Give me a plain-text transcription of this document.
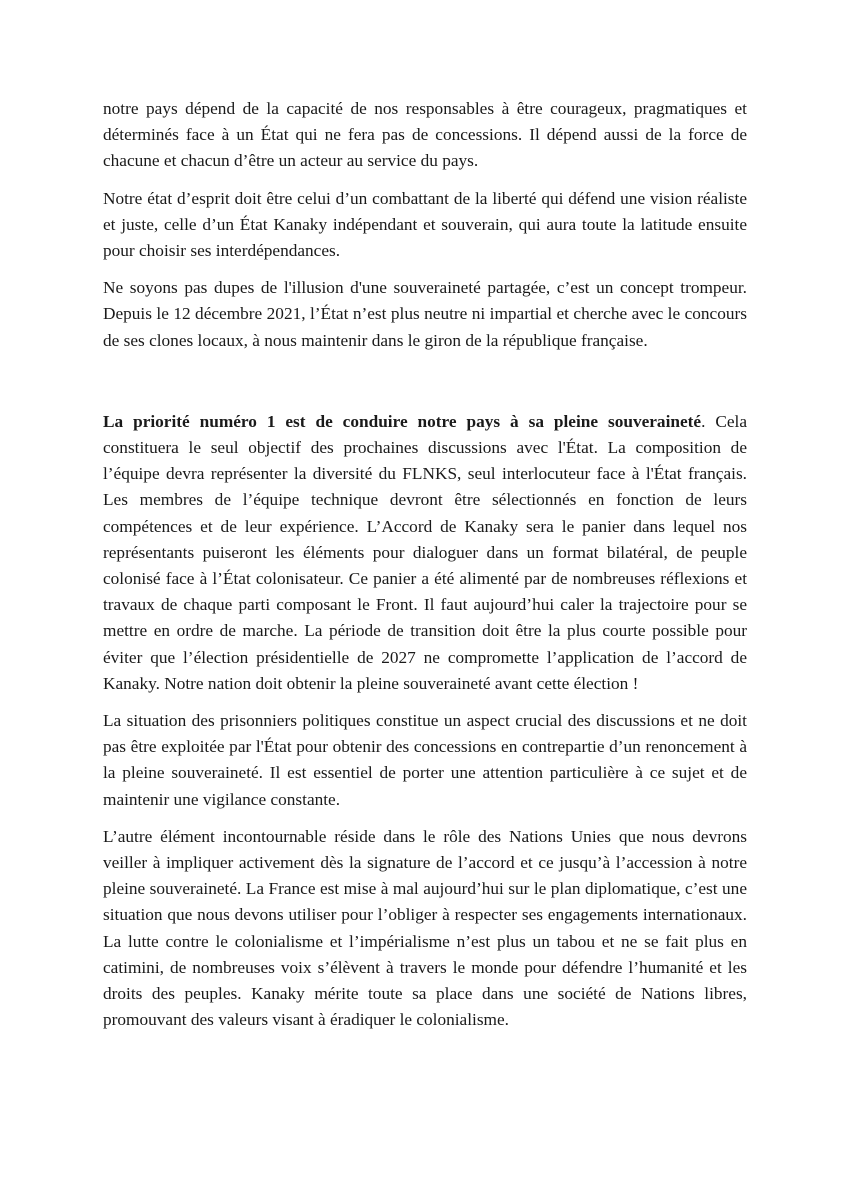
notre pays dépend de la capacité de nos responsables à être courageux, pragmatiques et déterminés face à un État qui ne fera pas de concessions. Il dépend aussi de la force de chacune et chacun d’être un acteur au service du pays.

Notre état d’esprit doit être celui d’un combattant de la liberté qui défend une vision réaliste et juste, celle d’un État Kanaky indépendant et souverain, qui aura toute la latitude ensuite pour choisir ses interdépendances.

Ne soyons pas dupes de l'illusion d'une souveraineté partagée, c’est un concept trompeur. Depuis le 12 décembre 2021, l’État n’est plus neutre ni impartial et cherche avec le concours de ses clones locaux, à nous maintenir dans le giron de la république française.

La priorité numéro 1 est de conduire notre pays à sa pleine souveraineté. Cela constituera le seul objectif des prochaines discussions avec l'État. La composition de l’équipe devra représenter la diversité du FLNKS, seul interlocuteur face à l'État français. Les membres de l’équipe technique devront être sélectionnés en fonction de leurs compétences et de leur expérience. L’Accord de Kanaky sera le panier dans lequel nos représentants puiseront les éléments pour dialoguer dans un format bilatéral, de peuple colonisé face à l’État colonisateur. Ce panier a été alimenté par de nombreuses réflexions et travaux de chaque parti composant le Front. Il faut aujourd’hui caler la trajectoire pour se mettre en ordre de marche. La période de transition doit être la plus courte possible pour éviter que l’élection présidentielle de 2027 ne compromette l’application de l’accord de Kanaky. Notre nation doit obtenir la pleine souveraineté avant cette élection !

La situation des prisonniers politiques constitue un aspect crucial des discussions et ne doit pas être exploitée par l'État pour obtenir des concessions en contrepartie d’un renoncement à la pleine souveraineté. Il est essentiel de porter une attention particulière à ce sujet et de maintenir une vigilance constante.

L’autre élément incontournable réside dans le rôle des Nations Unies que nous devrons veiller à impliquer activement dès la signature de l’accord et ce jusqu’à l’accession à notre pleine souveraineté. La France est mise à mal aujourd’hui sur le plan diplomatique, c’est une situation que nous devons utiliser pour l’obliger à respecter ses engagements internationaux. La lutte contre le colonialisme et l’impérialisme n’est plus un tabou et ne se fait plus en catimini, de nombreuses voix s’élèvent à travers le monde pour défendre l’humanité et les droits des peuples. Kanaky mérite toute sa place dans une société de Nations libres, promouvant des valeurs visant à éradiquer le colonialisme.
